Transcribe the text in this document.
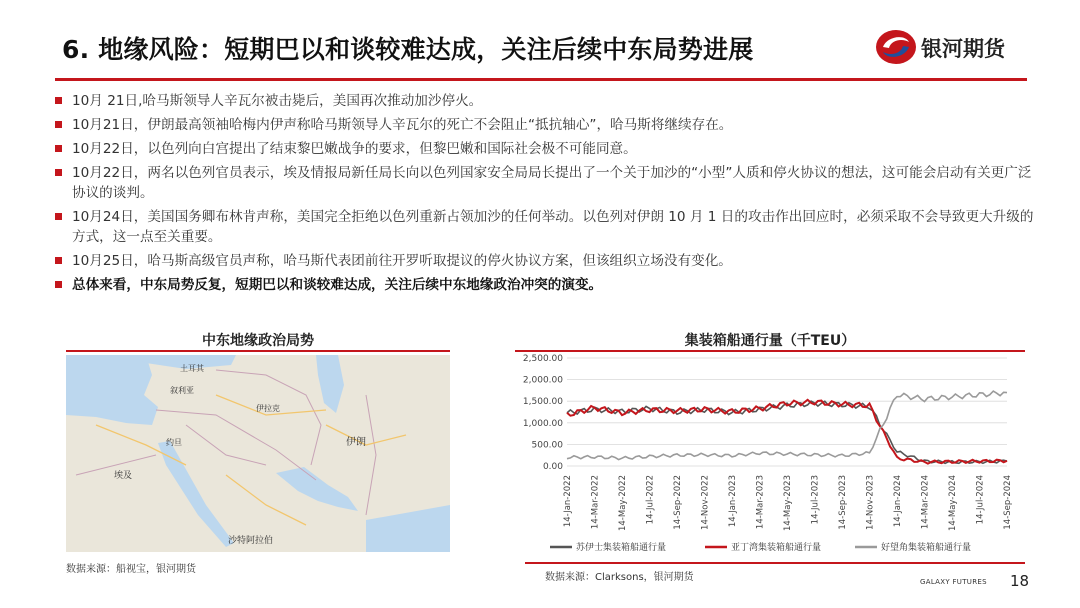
6. 地缘风险：短期巴以和谈较难达成，关注后续中东局势进展	银河期货
10月 21日,哈马斯领导人辛瓦尔被击毙后，美国再次推动加沙停火。
10月21日，伊朗最高领袖哈梅内伊声称哈马斯领导人辛瓦尔的死亡不会阻止“抵抗轴心”，哈马斯将继续存在。
10月22日，以色列向白宫提出了结束黎巴嫩战争的要求，但黎巴嫩和国际社会极不可能同意。
10月22日，两名以色列官员表示，埃及情报局新任局长向以色列国家安全局局长提出了一个关于加沙的“小型”人质和停火协议的想法，这可能会启动有关更广泛协议的谈判。
10月24日，美国国务卿布林肯声称，美国完全拒绝以色列重新占领加沙的任何举动。以色列对伊朗 10 月 1 日的攻击作出回应时，必须采取不会导致更大升级的方式，这一点至关重要。
10月25日，哈马斯高级官员声称，哈马斯代表团前往开罗听取提议的停火协议方案，但该组织立场没有变化。
总体来看，中东局势反复，短期巴以和谈较难达成，关注后续中东地缘政治冲突的演变。
中东地缘政治局势
伊朗
埃及
沙特阿拉伯
伊拉克
叙利亚
约旦
土耳其
数据来源：船视宝，银河期货
集装箱船通行量（千TEU）
0.00
500.00
1,000.00
1,500.00
2,000.00
2,500.00
14-Jan-2022 14-Mar-2022 14-May-2022 14-Jul-2022 14-Sep-2022 14-Nov-2022 14-Jan-2023 14-Mar-2023 14-May-2023 14-Jul-2023 14-Sep-2023 14-Nov-2023 14-Jan-2024 14-Mar-2024 14-May-2024 14-Jul-2024 14-Sep-2024
苏伊士集装箱船通行量	亚丁湾集装箱船通行量	好望角集装箱船通行量
数据来源：Clarksons，银河期货	GALAXY FUTURES 18
